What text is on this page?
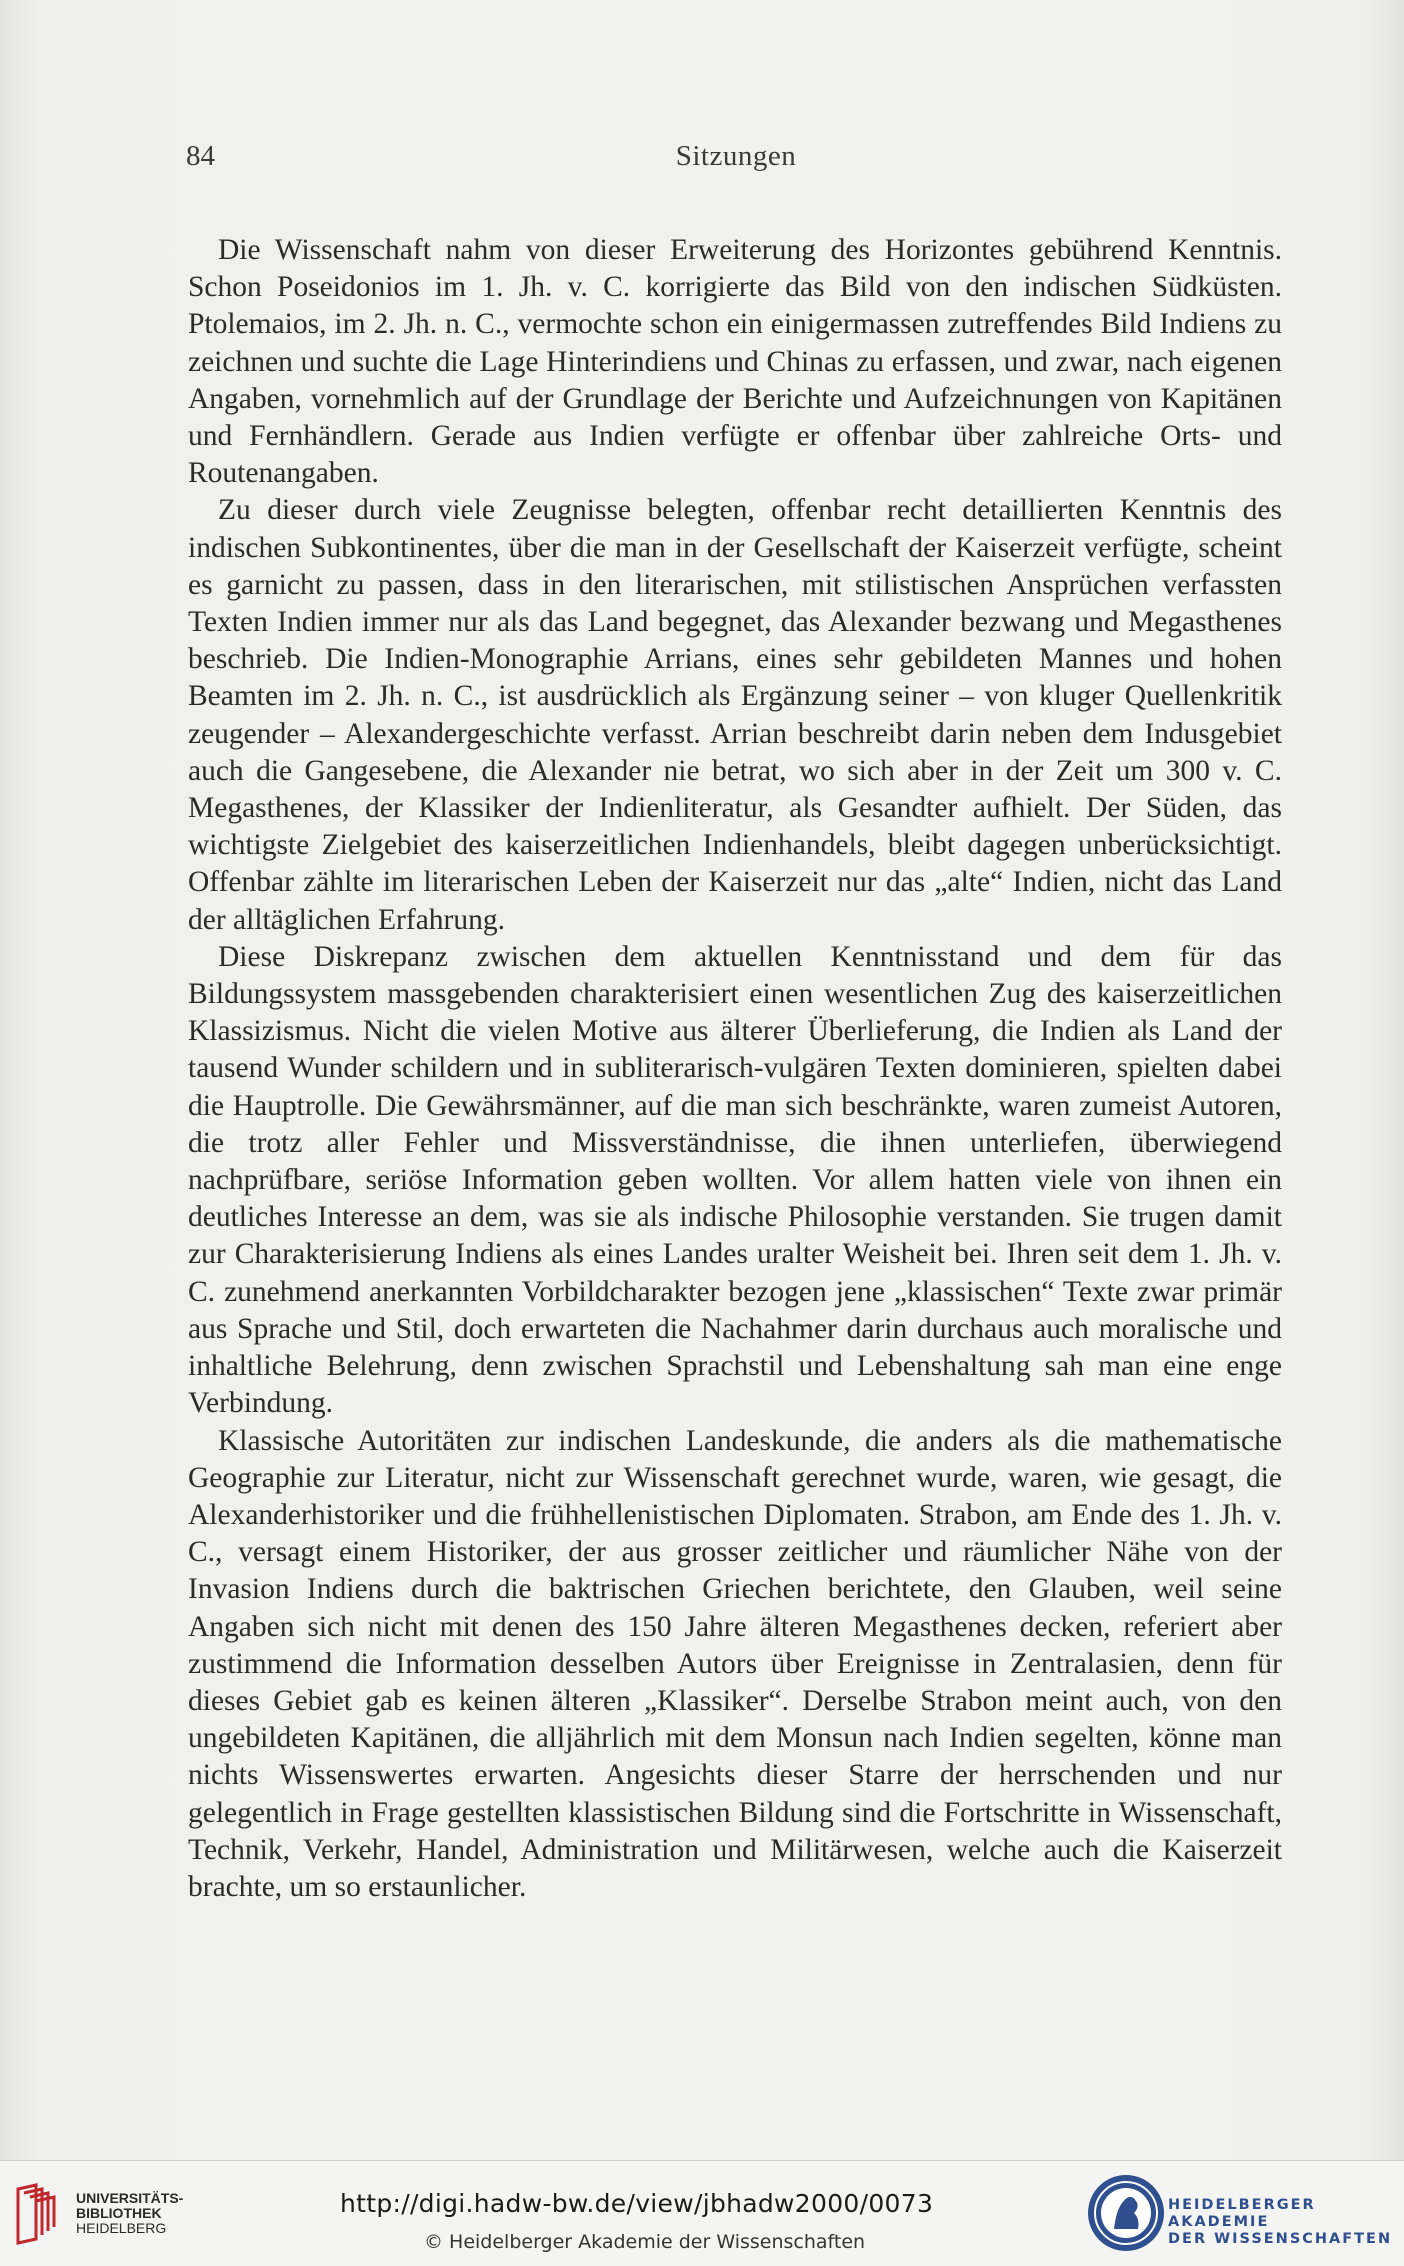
84	Sitzungen

Die Wissenschaft nahm von dieser Erweiterung des Horizontes gebührend Kenntnis. Schon Poseidonios im 1. Jh. v. C. korrigierte das Bild von den indischen Südküsten. Ptolemaios, im 2. Jh. n. C., vermochte schon ein einigermassen zutreffendes Bild Indiens zu zeichnen und suchte die Lage Hinterindiens und Chinas zu erfassen, und zwar, nach eigenen Angaben, vornehmlich auf der Grundlage der Berichte und Aufzeichnungen von Kapitänen und Fernhändlern. Gerade aus Indien verfügte er offenbar über zahlreiche Orts- und Routenangaben.

Zu dieser durch viele Zeugnisse belegten, offenbar recht detaillierten Kenntnis des indischen Subkontinentes, über die man in der Gesellschaft der Kaiserzeit verfügte, scheint es garnicht zu passen, dass in den literarischen, mit stilistischen Ansprüchen verfassten Texten Indien immer nur als das Land begegnet, das Alexander bezwang und Megasthenes beschrieb. Die Indien-Monographie Arrians, eines sehr gebildeten Mannes und hohen Beamten im 2. Jh. n. C., ist ausdrücklich als Ergänzung seiner – von kluger Quellenkritik zeugender – Alexandergeschichte verfasst. Arrian beschreibt darin neben dem Indusgebiet auch die Gangesebene, die Alexander nie betrat, wo sich aber in der Zeit um 300 v. C. Megasthenes, der Klassiker der Indienliteratur, als Gesandter aufhielt. Der Süden, das wichtigste Zielgebiet des kaiserzeitlichen Indienhandels, bleibt dagegen unberücksichtigt. Offenbar zählte im literarischen Leben der Kaiserzeit nur das „alte“ Indien, nicht das Land der alltäglichen Erfahrung.

Diese Diskrepanz zwischen dem aktuellen Kenntnisstand und dem für das Bildungssystem massgebenden charakterisiert einen wesentlichen Zug des kaiserzeitlichen Klassizismus. Nicht die vielen Motive aus älterer Überlieferung, die Indien als Land der tausend Wunder schildern und in subliterarisch-vulgären Texten dominieren, spielten dabei die Hauptrolle. Die Gewährsmänner, auf die man sich beschränkte, waren zumeist Autoren, die trotz aller Fehler und Missverständnisse, die ihnen unterliefen, überwiegend nachprüfbare, seriöse Information geben wollten. Vor allem hatten viele von ihnen ein deutliches Interesse an dem, was sie als indische Philosophie verstanden. Sie trugen damit zur Charakterisierung Indiens als eines Landes uralter Weisheit bei. Ihren seit dem 1. Jh. v. C. zunehmend anerkannten Vorbildcharakter bezogen jene „klassischen“ Texte zwar primär aus Sprache und Stil, doch erwarteten die Nachahmer darin durchaus auch moralische und inhaltliche Belehrung, denn zwischen Sprachstil und Lebenshaltung sah man eine enge Verbindung.

Klassische Autoritäten zur indischen Landeskunde, die anders als die mathematische Geographie zur Literatur, nicht zur Wissenschaft gerechnet wurde, waren, wie gesagt, die Alexanderhistoriker und die frühhellenistischen Diplomaten. Strabon, am Ende des 1. Jh. v. C., versagt einem Historiker, der aus grosser zeitlicher und räumlicher Nähe von der Invasion Indiens durch die baktrischen Griechen berichtete, den Glauben, weil seine Angaben sich nicht mit denen des 150 Jahre älteren Megasthenes decken, referiert aber zustimmend die Information desselben Autors über Ereignisse in Zentralasien, denn für dieses Gebiet gab es keinen älteren „Klassiker“. Derselbe Strabon meint auch, von den ungebildeten Kapitänen, die alljährlich mit dem Monsun nach Indien segelten, könne man nichts Wissenswertes erwarten. Angesichts dieser Starre der herrschenden und nur gelegentlich in Frage gestellten klassistischen Bildung sind die Fortschritte in Wissenschaft, Technik, Verkehr, Handel, Administration und Militärwesen, welche auch die Kaiserzeit brachte, um so erstaunlicher.

UNIVERSITÄTS-
BIBLIOTHEK
HEIDELBERG
http://digi.hadw-bw.de/view/jbhadw2000/0073
© Heidelberger Akademie der Wissenschaften
HEIDELBERGER AKADEMIE
DER WISSENSCHAFTEN
